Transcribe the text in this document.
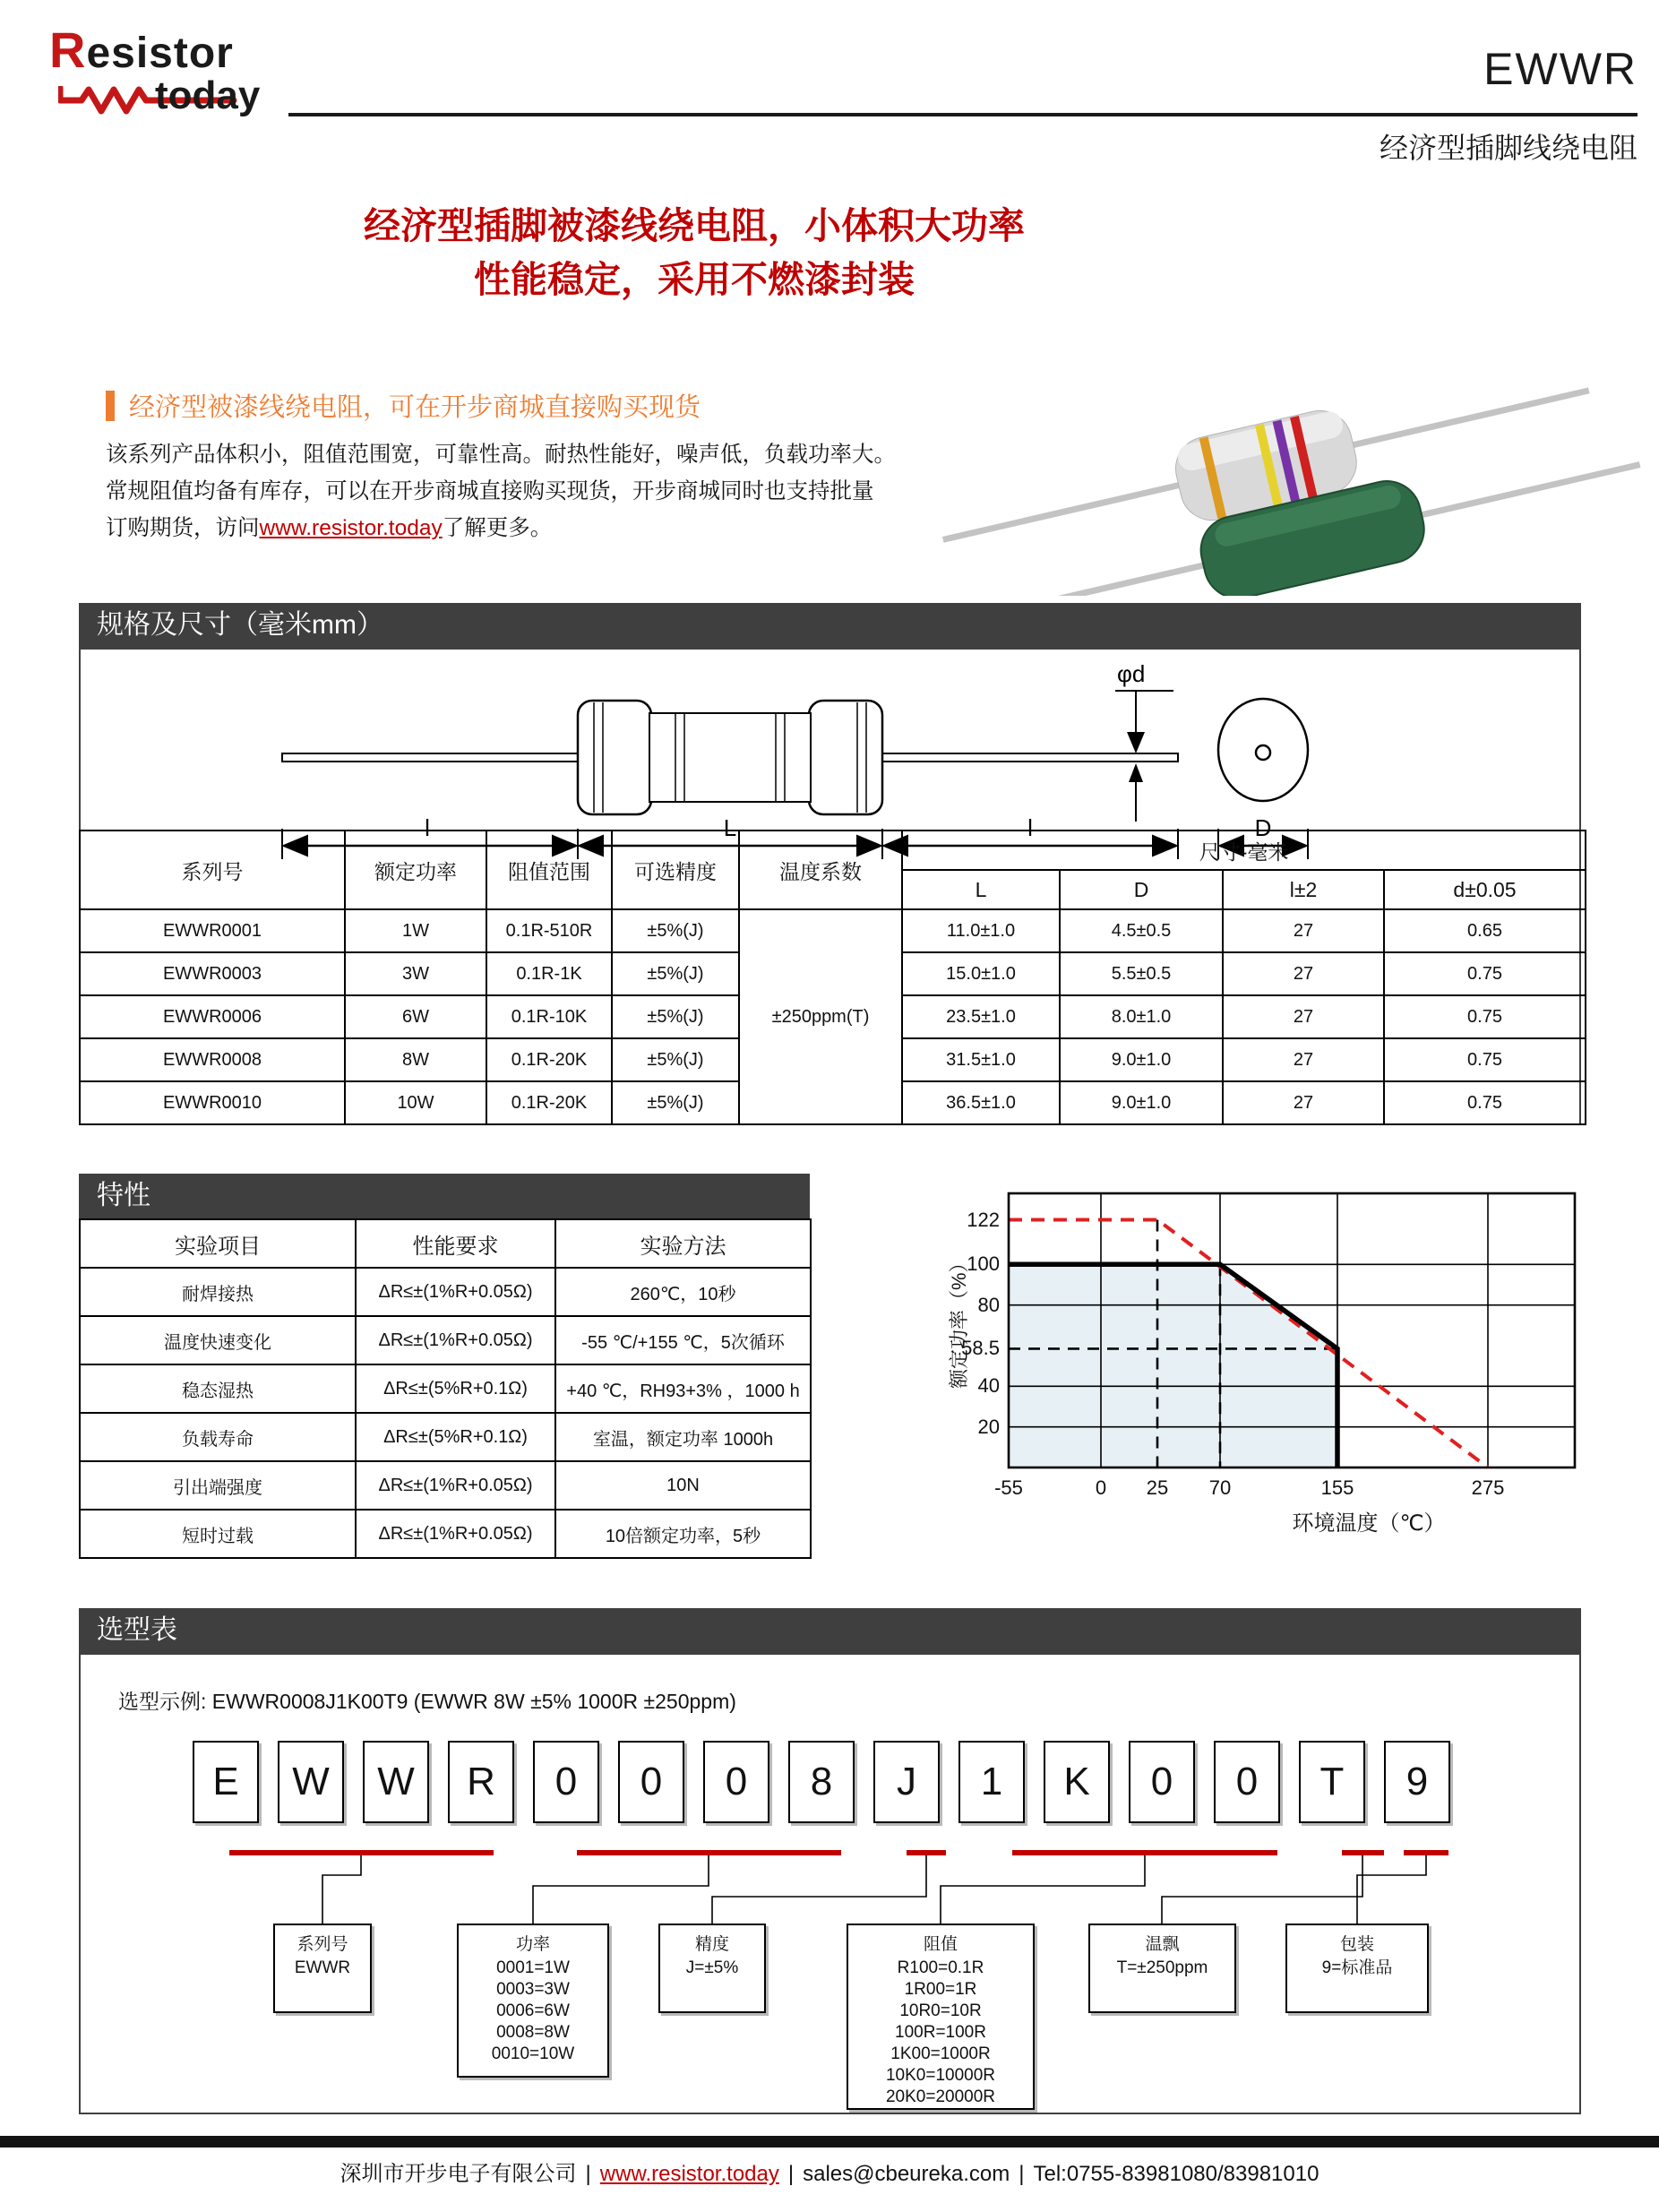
Resistor
today
EWWR
经济型插脚线绕电阻
经济型插脚被漆线绕电阻，小体积大功率
性能稳定，采用不燃漆封装
经济型被漆线绕电阻，可在开步商城直接购买现货
该系列产品体积小，阻值范围宽，可靠性高。耐热性能好，噪声低，负载功率大。
常规阻值均备有库存，可以在开步商城直接购买现货，开步商城同时也支持批量
订购期货，访问www.resistor.today了解更多。
规格及尺寸（毫米mm）
φd
l	L	l	D
系列号	额定功率	阻值范围	可选精度	温度系数	尺寸-毫米			
					L	D	l±2	d±0.05
EWWR0001	1W	0.1R-510R	±5%(J)	±250ppm(T)	11.0±1.0	4.5±0.5	27	0.65
EWWR0003	3W	0.1R-1K	±5%(J)		15.0±1.0	5.5±0.5	27	0.75
EWWR0006	6W	0.1R-10K	±5%(J)		23.5±1.0	8.0±1.0	27	0.75
EWWR0008	8W	0.1R-20K	±5%(J)		31.5±1.0	9.0±1.0	27	0.75
EWWR0010	10W	0.1R-20K	±5%(J)		36.5±1.0	9.0±1.0	27	0.75
特性
实验项目	性能要求	实验方法
耐焊接热	ΔR≤±(1%R+0.05Ω)	260℃，10秒
温度快速变化	ΔR≤±(1%R+0.05Ω)	-55 ℃/+155 ℃，5次循环
稳态湿热	ΔR≤±(5%R+0.1Ω)	+40 ℃，RH93+3% ，1000 h
负载寿命	ΔR≤±(5%R+0.1Ω)	室温，额定功率 1000h
引出端强度	ΔR≤±(1%R+0.05Ω)	10N
短时过载	ΔR≤±(1%R+0.05Ω)	10倍额定功率，5秒
20
40
58.5
80
100
122
-55	0 25 70	155	275
额定功率（%）
环境温度（℃）
选型表
选型示例: EWWR0008J1K00T9 (EWWR 8W ±5% 1000R ±250ppm)
E	W	W	R	0	0	0	8	J	1	K	0	0	T	9
系列号
EWWR
功率
0001=1W
0003=3W
0006=6W
0008=8W
0010=10W
精度
J=±5%
阻值
R100=0.1R
1R00=1R
10R0=10R
100R=100R
1K00=1000R
10K0=10000R
20K0=20000R
温飘
T=±250ppm
包装
9=标准品
深圳市开步电子有限公司 | www.resistor.today | sales@cbeureka.com | Tel:0755-83981080/83981010
